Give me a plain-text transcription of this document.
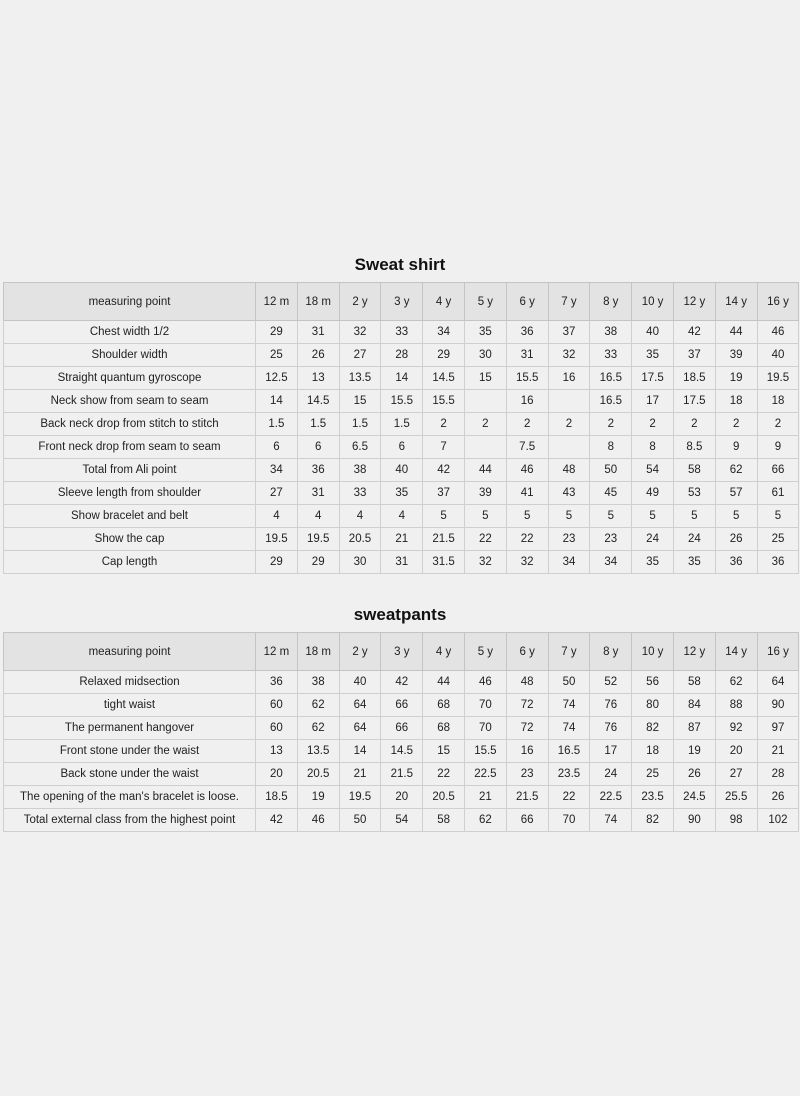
Sweat shirt
measuring point	12 m	18 m	2 y	3 y	4 y	5 y	6 y	7 y	8 y	10 y	12 y	14 y	16 y
Chest width 1/2	29	31	32	33	34	35	36	37	38	40	42	44	46
Shoulder width	25	26	27	28	29	30	31	32	33	35	37	39	40
Straight quantum gyroscope	12.5	13	13.5	14	14.5	15	15.5	16	16.5	17.5	18.5	19	19.5
Neck show from seam to seam	14	14.5	15	15.5	15.5		16		16.5	17	17.5	18	18
Back neck drop from stitch to stitch	1.5	1.5	1.5	1.5	2	2	2	2	2	2	2	2	2
Front neck drop from seam to seam	6	6	6.5	6	7		7.5		8	8	8.5	9	9
Total from Ali point	34	36	38	40	42	44	46	48	50	54	58	62	66
Sleeve length from shoulder	27	31	33	35	37	39	41	43	45	49	53	57	61
Show bracelet and belt	4	4	4	4	5	5	5	5	5	5	5	5	5
Show the cap	19.5	19.5	20.5	21	21.5	22	22	23	23	24	24	26	25
Cap length	29	29	30	31	31.5	32	32	34	34	35	35	36	36
sweatpants
measuring point	12 m	18 m	2 y	3 y	4 y	5 y	6 y	7 y	8 y	10 y	12 y	14 y	16 y
Relaxed midsection	36	38	40	42	44	46	48	50	52	56	58	62	64
tight waist	60	62	64	66	68	70	72	74	76	80	84	88	90
The permanent hangover	60	62	64	66	68	70	72	74	76	82	87	92	97
Front stone under the waist	13	13.5	14	14.5	15	15.5	16	16.5	17	18	19	20	21
Back stone under the waist	20	20.5	21	21.5	22	22.5	23	23.5	24	25	26	27	28
The opening of the man's bracelet is loose.	18.5	19	19.5	20	20.5	21	21.5	22	22.5	23.5	24.5	25.5	26
Total external class from the highest point	42	46	50	54	58	62	66	70	74	82	90	98	102
